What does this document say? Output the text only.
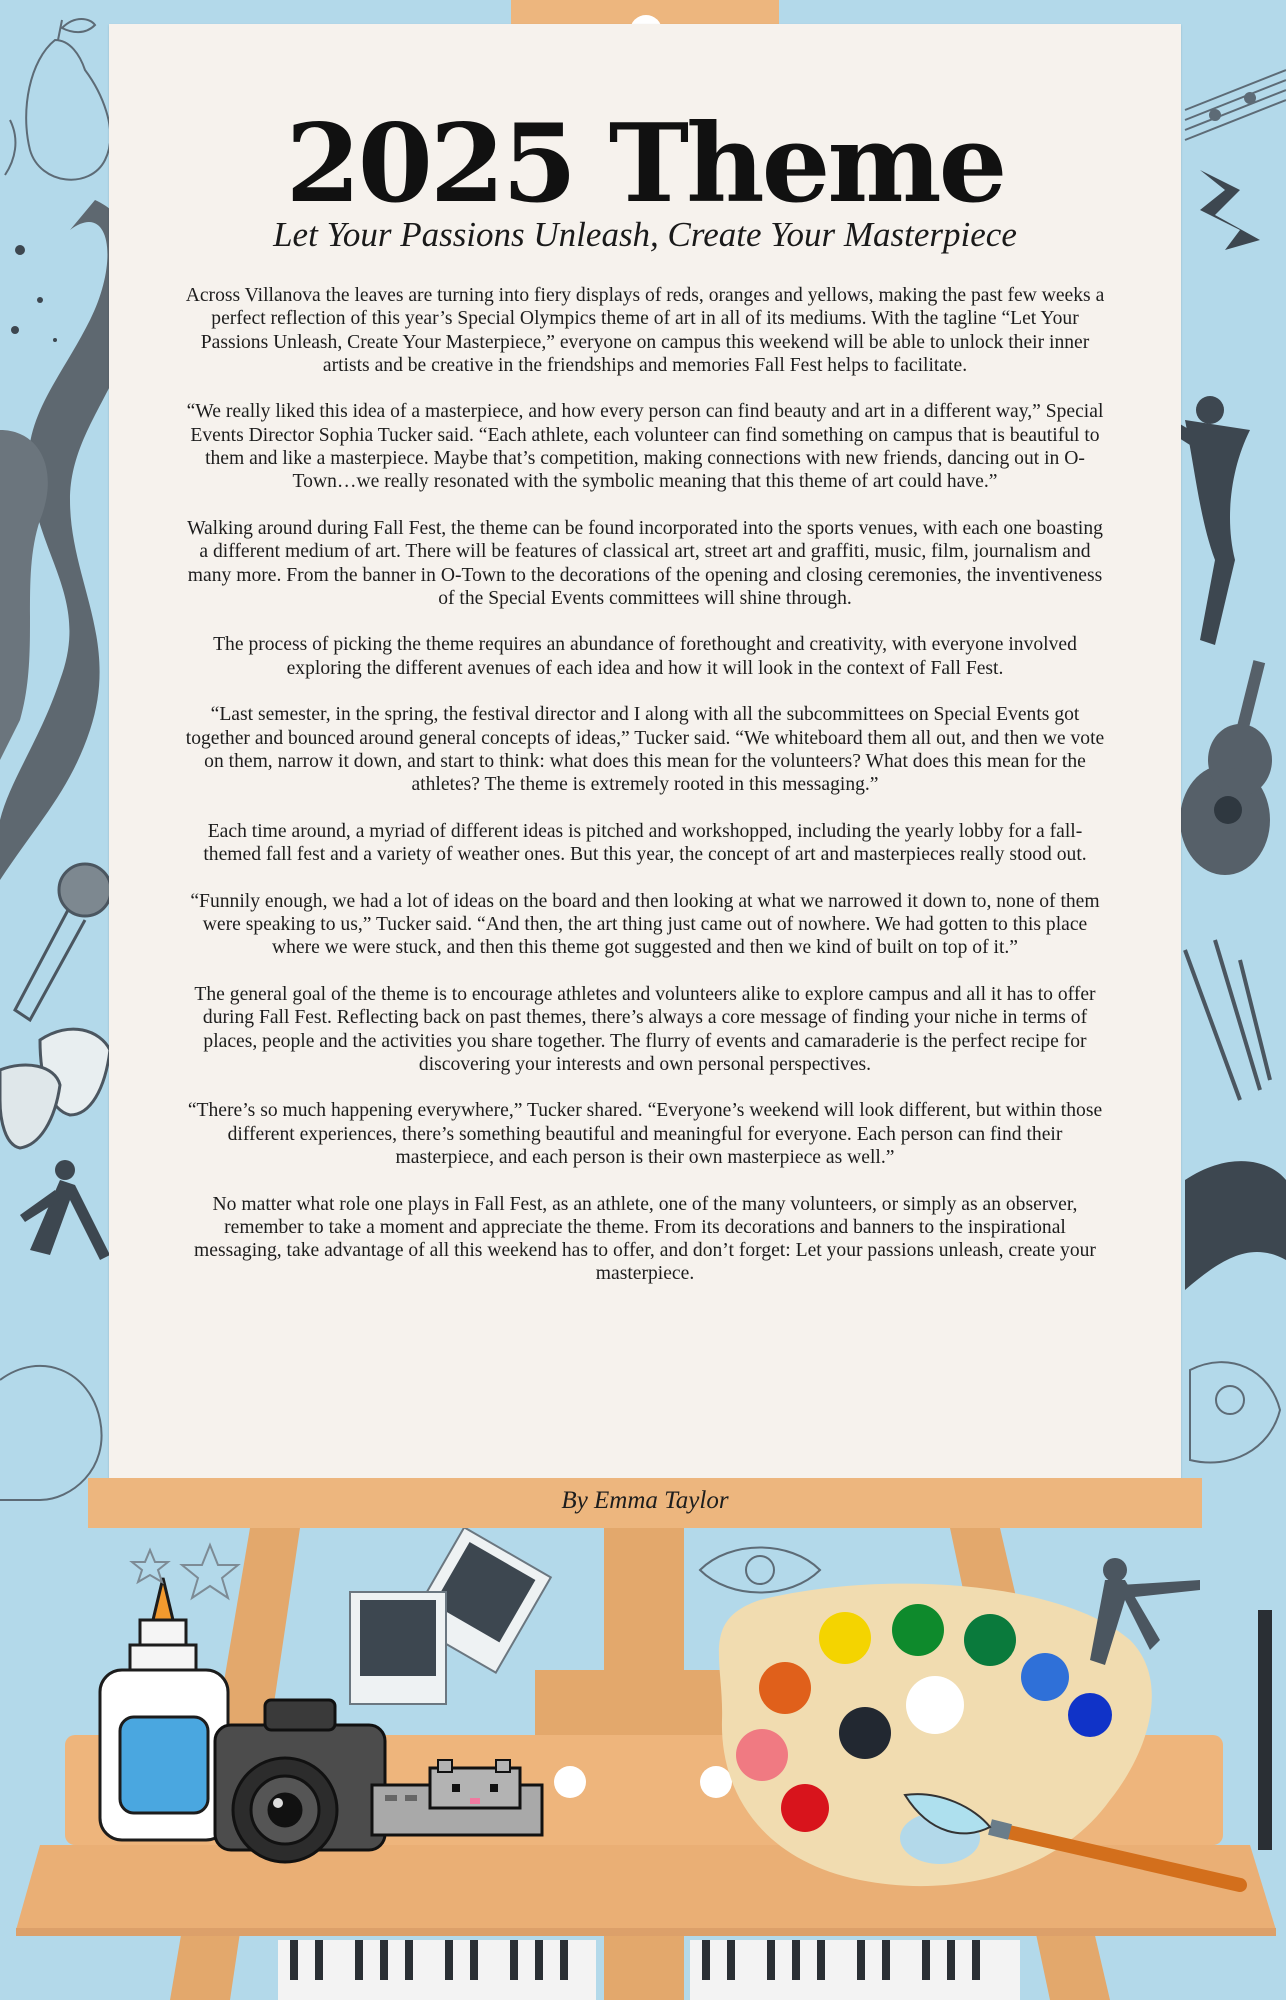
2025 Theme
Let Your Passions Unleash, Create Your Masterpiece

Across Villanova the leaves are turning into fiery displays of reds, oranges and yellows, making the past few weeks a perfect reflection of this year’s Special Olympics theme of art in all of its mediums. With the tagline “Let Your Passions Unleash, Create Your Masterpiece,” everyone on campus this weekend will be able to unlock their inner artists and be creative in the friendships and memories Fall Fest helps to facilitate.

“We really liked this idea of a masterpiece, and how every person can find beauty and art in a different way,” Special Events Director Sophia Tucker said. “Each athlete, each volunteer can find something on campus that is beautiful to them and like a masterpiece. Maybe that’s competition, making connections with new friends, dancing out in O-Town…we really resonated with the symbolic meaning that this theme of art could have.”

Walking around during Fall Fest, the theme can be found incorporated into the sports venues, with each one boasting a different medium of art. There will be features of classical art, street art and graffiti, music, film, journalism and many more. From the banner in O-Town to the decorations of the opening and closing ceremonies, the inventiveness of the Special Events committees will shine through.

The process of picking the theme requires an abundance of forethought and creativity, with everyone involved exploring the different avenues of each idea and how it will look in the context of Fall Fest.

“Last semester, in the spring, the festival director and I along with all the subcommittees on Special Events got together and bounced around general concepts of ideas,” Tucker said. “We whiteboard them all out, and then we vote on them, narrow it down, and start to think: what does this mean for the volunteers? What does this mean for the athletes? The theme is extremely rooted in this messaging.”

Each time around, a myriad of different ideas is pitched and workshopped, including the yearly lobby for a fall-themed fall fest and a variety of weather ones. But this year, the concept of art and masterpieces really stood out.

“Funnily enough, we had a lot of ideas on the board and then looking at what we narrowed it down to, none of them were speaking to us,” Tucker said. “And then, the art thing just came out of nowhere. We had gotten to this place where we were stuck, and then this theme got suggested and then we kind of built on top of it.”

The general goal of the theme is to encourage athletes and volunteers alike to explore campus and all it has to offer during Fall Fest. Reflecting back on past themes, there’s always a core message of finding your niche in terms of places, people and the activities you share together. The flurry of events and camaraderie is the perfect recipe for discovering your interests and own personal perspectives.

“There’s so much happening everywhere,” Tucker shared. “Everyone’s weekend will look different, but within those different experiences, there’s something beautiful and meaningful for everyone. Each person can find their masterpiece, and each person is their own masterpiece as well.”

No matter what role one plays in Fall Fest, as an athlete, one of the many volunteers, or simply as an observer, remember to take a moment and appreciate the theme. From its decorations and banners to the inspirational messaging, take advantage of all this weekend has to offer, and don’t forget: Let your passions unleash, create your masterpiece.

By Emma Taylor
